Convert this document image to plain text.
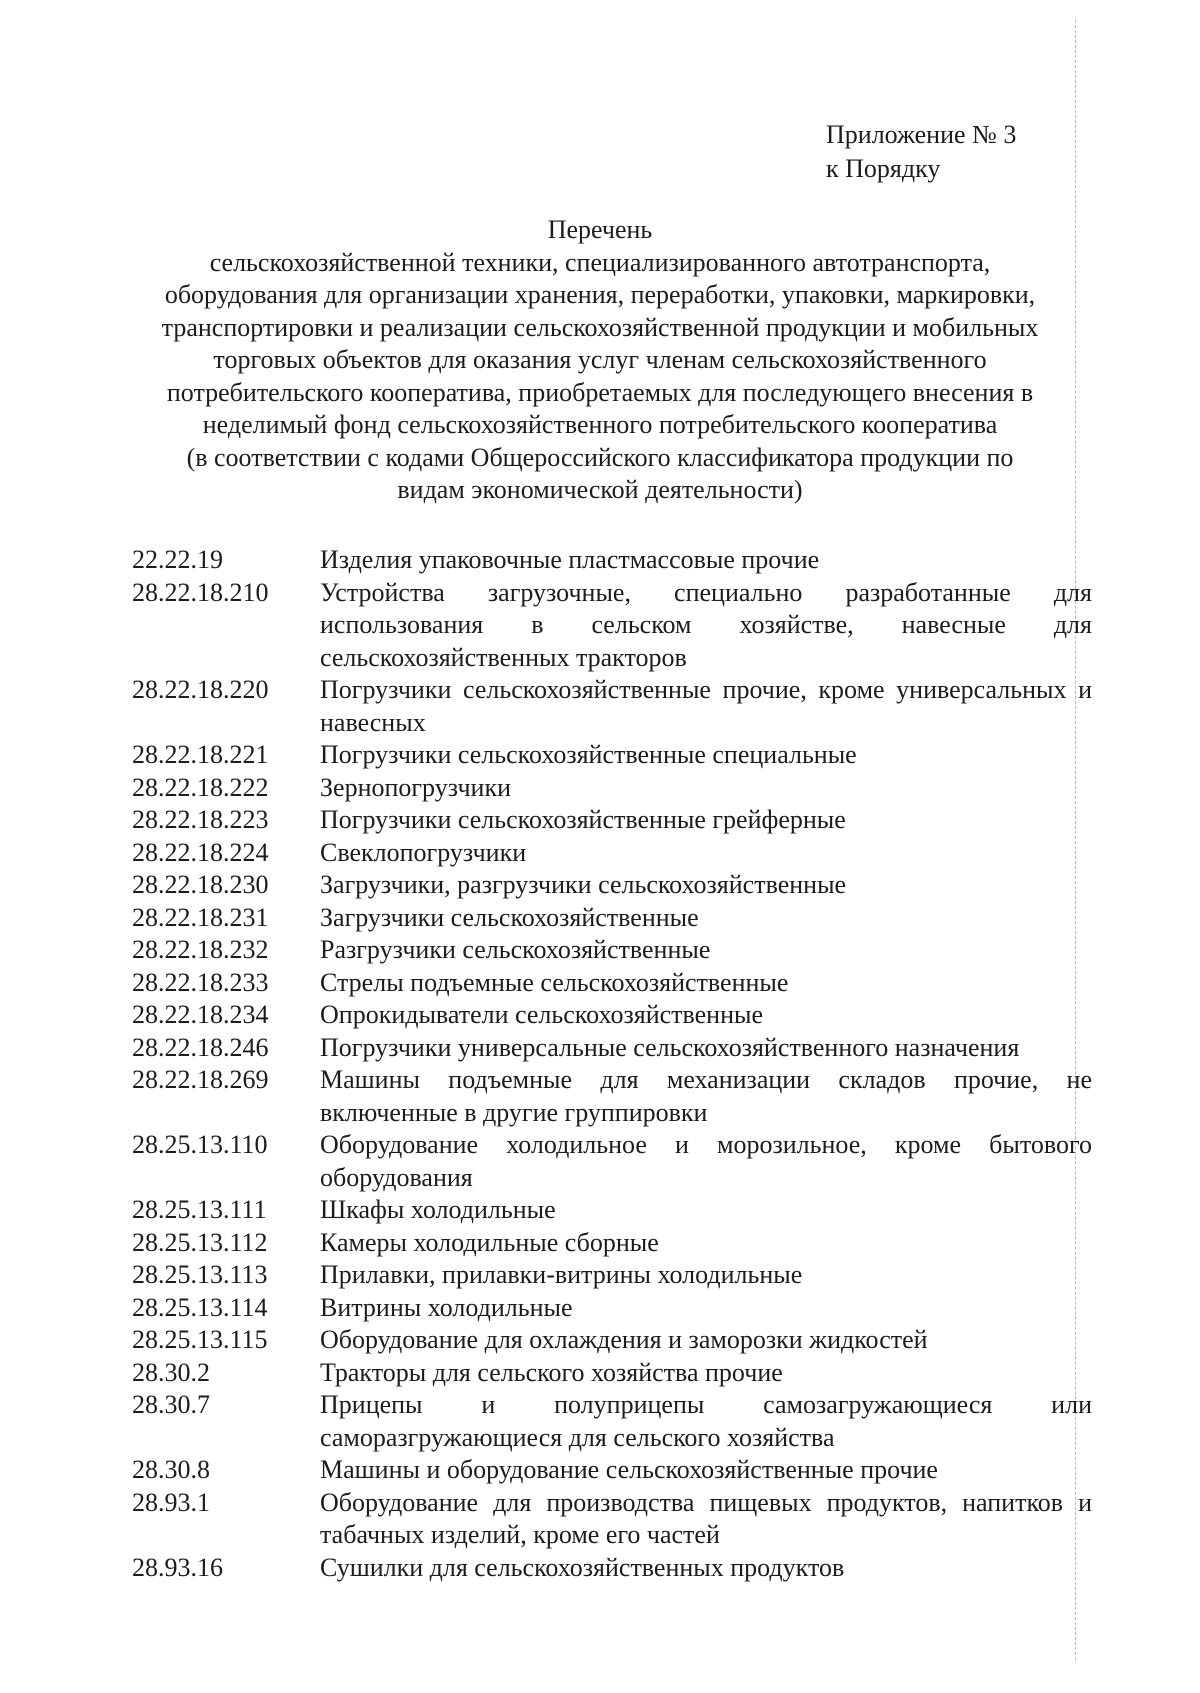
Приложение № 3
к Порядку
Перечень
сельскохозяйственной техники, специализированного автотранспорта,
оборудования для организации хранения, переработки, упаковки, маркировки,
транспортировки и реализации сельскохозяйственной продукции и мобильных
торговых объектов для оказания услуг членам сельскохозяйственного
потребительского кооператива, приобретаемых для последующего внесения в
неделимый фонд сельскохозяйственного потребительского кооператива
(в соответствии с кодами Общероссийского классификатора продукции по
видам экономической деятельности)
22.22.19	Изделия упаковочные пластмассовые прочие
28.22.18.210	Устройства загрузочные, специально разработанные для использования в сельском хозяйстве, навесные для сельскохозяйственных тракторов
28.22.18.220	Погрузчики сельскохозяйственные прочие, кроме универсальных и навесных
28.22.18.221	Погрузчики сельскохозяйственные специальные
28.22.18.222	Зернопогрузчики
28.22.18.223	Погрузчики сельскохозяйственные грейферные
28.22.18.224	Свеклопогрузчики
28.22.18.230	Загрузчики, разгрузчики сельскохозяйственные
28.22.18.231	Загрузчики сельскохозяйственные
28.22.18.232	Разгрузчики сельскохозяйственные
28.22.18.233	Стрелы подъемные сельскохозяйственные
28.22.18.234	Опрокидыватели сельскохозяйственные
28.22.18.246	Погрузчики универсальные сельскохозяйственного назначения
28.22.18.269	Машины подъемные для механизации складов прочие, не включенные в другие группировки
28.25.13.110	Оборудование холодильное и морозильное, кроме бытового оборудования
28.25.13.111	Шкафы холодильные
28.25.13.112	Камеры холодильные сборные
28.25.13.113	Прилавки, прилавки-витрины холодильные
28.25.13.114	Витрины холодильные
28.25.13.115	Оборудование для охлаждения и заморозки жидкостей
28.30.2	Тракторы для сельского хозяйства прочие
28.30.7	Прицепы и полуприцепы самозагружающиеся или саморазгружающиеся для сельского хозяйства
28.30.8	Машины и оборудование сельскохозяйственные прочие
28.93.1	Оборудование для производства пищевых продуктов, напитков и табачных изделий, кроме его частей
28.93.16	Сушилки для сельскохозяйственных продуктов
